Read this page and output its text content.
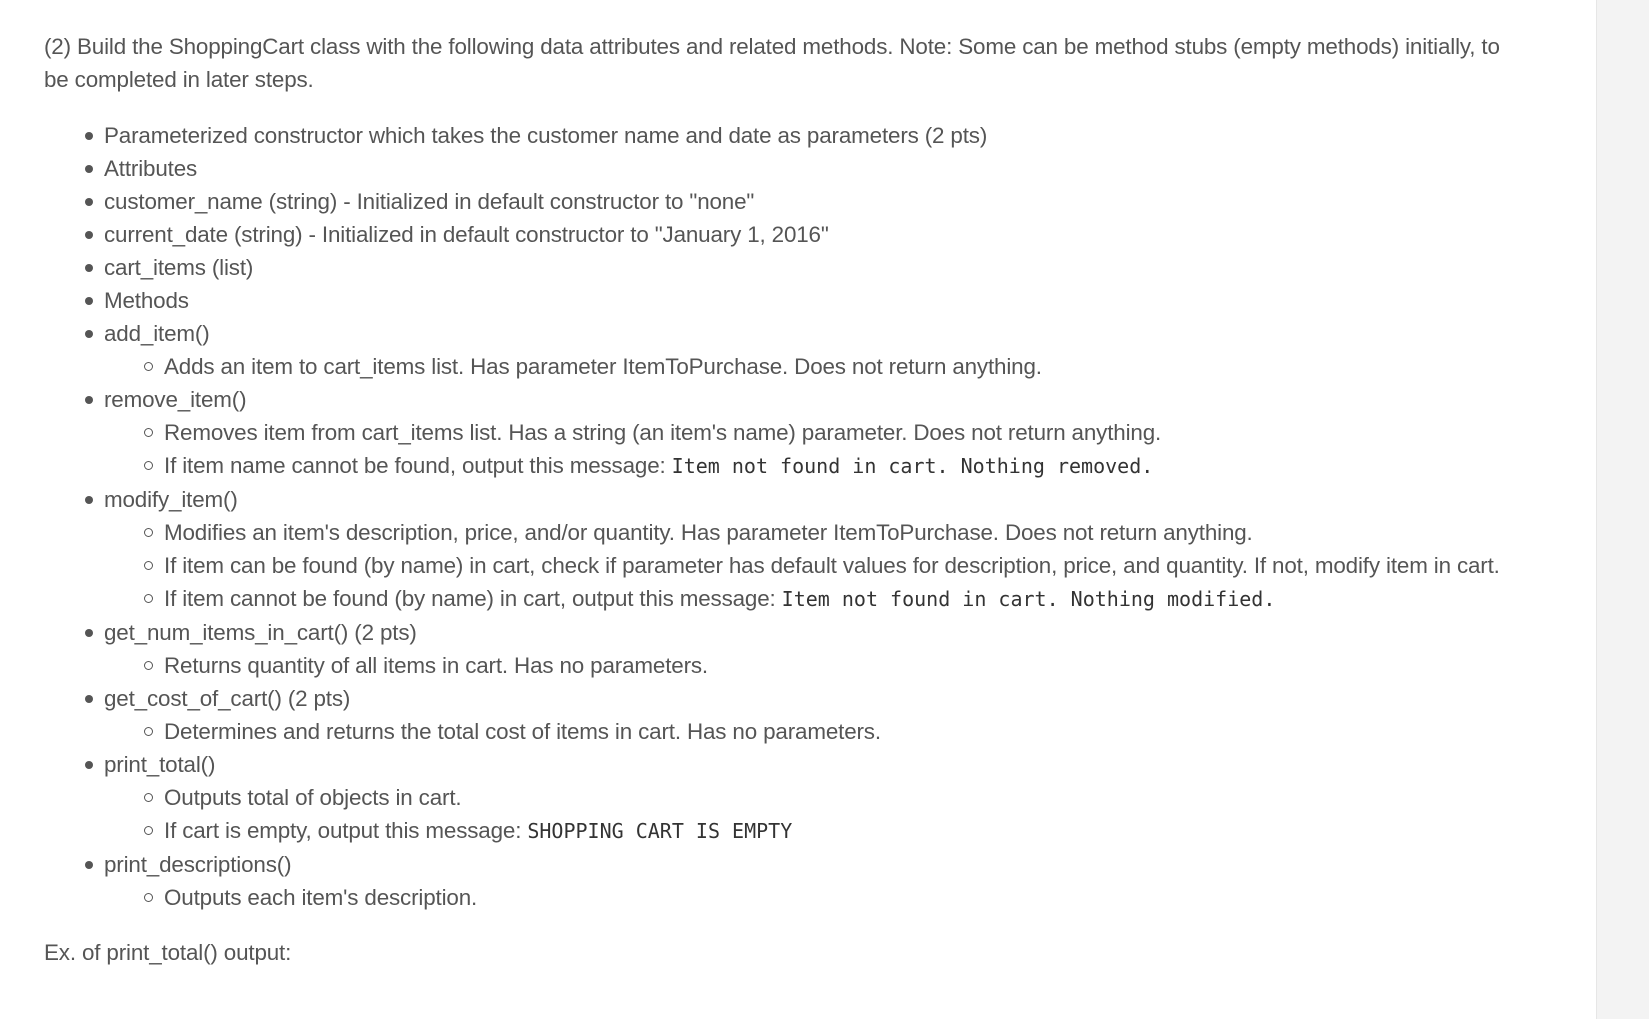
(2) Build the ShoppingCart class with the following data attributes and related methods. Note: Some can be method stubs (empty methods) initially, to be completed in later steps.

Parameterized constructor which takes the customer name and date as parameters (2 pts)
Attributes
customer_name (string) - Initialized in default constructor to "none"
current_date (string) - Initialized in default constructor to "January 1, 2016"
cart_items (list)
Methods
add_item()
Adds an item to cart_items list. Has parameter ItemToPurchase. Does not return anything.
remove_item()
Removes item from cart_items list. Has a string (an item's name) parameter. Does not return anything.
If item name cannot be found, output this message: Item not found in cart. Nothing removed.
modify_item()
Modifies an item's description, price, and/or quantity. Has parameter ItemToPurchase. Does not return anything.
If item can be found (by name) in cart, check if parameter has default values for description, price, and quantity. If not, modify item in cart.
If item cannot be found (by name) in cart, output this message: Item not found in cart. Nothing modified.
get_num_items_in_cart() (2 pts)
Returns quantity of all items in cart. Has no parameters.
get_cost_of_cart() (2 pts)
Determines and returns the total cost of items in cart. Has no parameters.
print_total()
Outputs total of objects in cart.
If cart is empty, output this message: SHOPPING CART IS EMPTY
print_descriptions()
Outputs each item's description.

Ex. of print_total() output:
